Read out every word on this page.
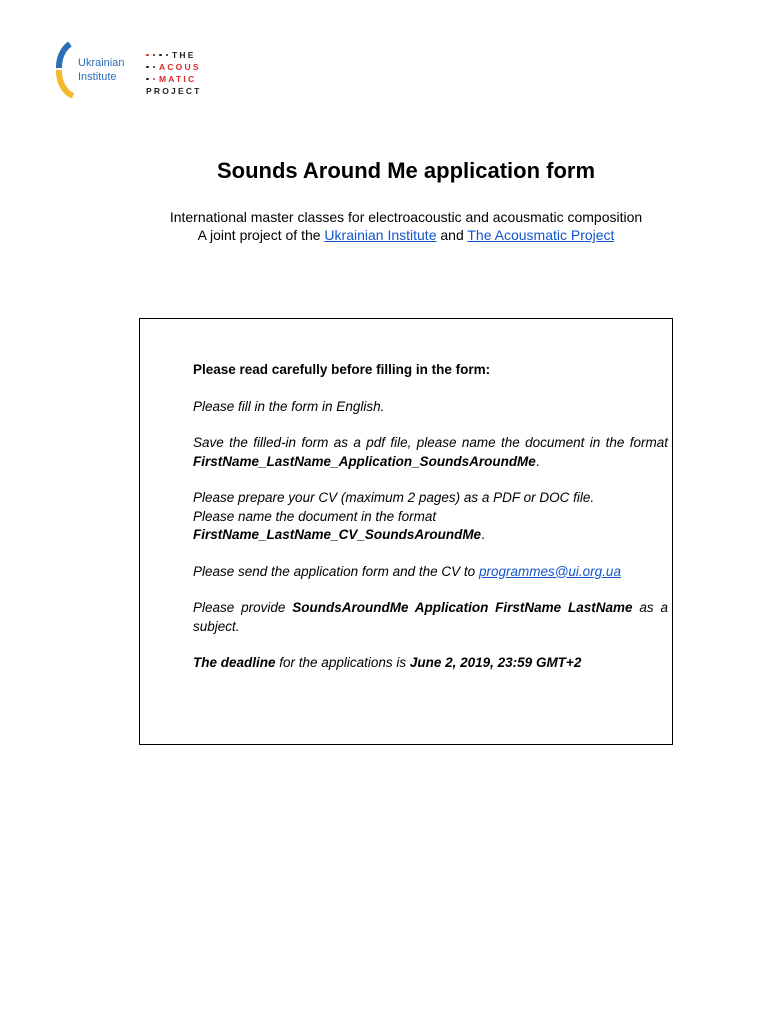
Ukrainian
Institute
THE
ACOUS
MATIC
PROJECT
Sounds Around Me application form
International master classes for electroacoustic and acousmatic composition
A joint project of the Ukrainian Institute and The Acousmatic Project

Please read carefully before filling in the form:

Please fill in the form in English.

Save the filled-in form as a pdf file, please name the document in the format
FirstName_LastName_Application_SoundsAroundMe.

Please prepare your CV (maximum 2 pages) as a PDF or DOC file.
Please name the document in the format
FirstName_LastName_CV_SoundsAroundMe.

Please send the application form and the CV to programmes@ui.org.ua

Please provide SoundsAroundMe Application FirstName LastName as a subject.

The deadline for the applications is June 2, 2019, 23:59 GMT+2
